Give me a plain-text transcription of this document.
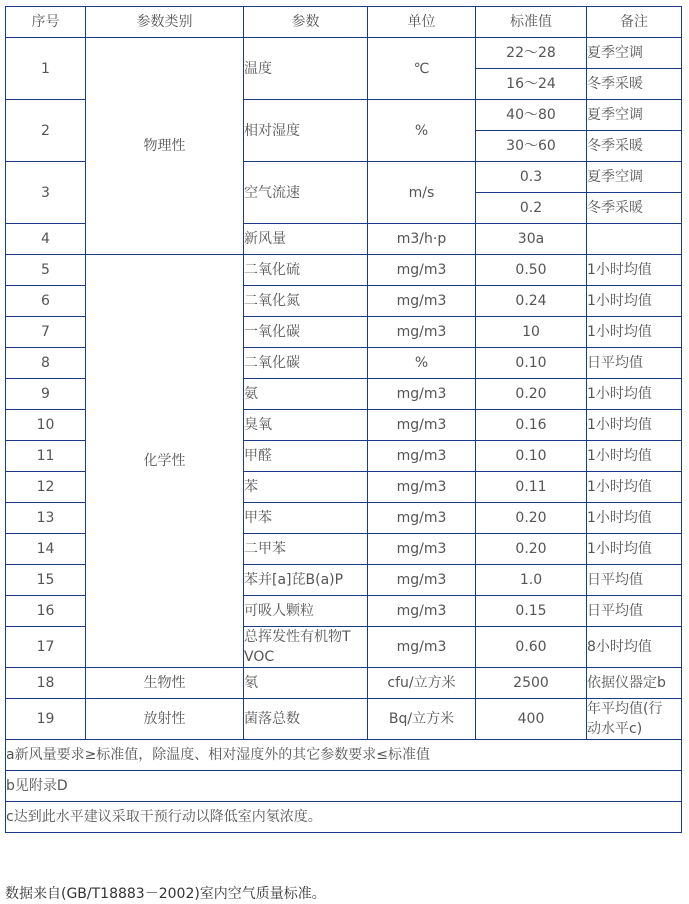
序号	参数类别	参数	单位	标准值	备注
1	物理性	温度	℃	22～28	夏季空调
				16～24	冬季采暖
2		相对湿度	%	40～80	夏季空调
				30～60	冬季采暖
3		空气流速	m/s	0.3	夏季空调
				0.2	冬季采暖
4		新风量	m3/h·p	30a	
5	化学性	二氧化硫	mg/m3	0.50	1小时均值
6		二氧化氮	mg/m3	0.24	1小时均值
7		一氧化碳	mg/m3	10	1小时均值
8		二氧化碳	%	0.10	日平均值
9		氨	mg/m3	0.20	1小时均值
10		臭氧	mg/m3	0.16	1小时均值
11		甲醛	mg/m3	0.10	1小时均值
12		苯	mg/m3	0.11	1小时均值
13		甲苯	mg/m3	0.20	1小时均值
14		二甲苯	mg/m3	0.20	1小时均值
15		苯并[a]芘B(a)P	mg/m3	1.0	日平均值
16		可吸人颗粒	mg/m3	0.15	日平均值
17		总挥发性有机物T
VOC	mg/m3	0.60	8小时均值
18	生物性	氡	cfu/立方米	2500	依据仪器定b
19	放射性	菌落总数	Bq/立方米	400	年平均值(行
动水平c)

a新风量要求≥标准值，除温度、相对湿度外的其它参数要求≤标准值					
b见附录D					
c达到此水平建议采取干预行动以降低室内氡浓度。					
数据来自(GB/T18883－2002)室内空气质量标准。
